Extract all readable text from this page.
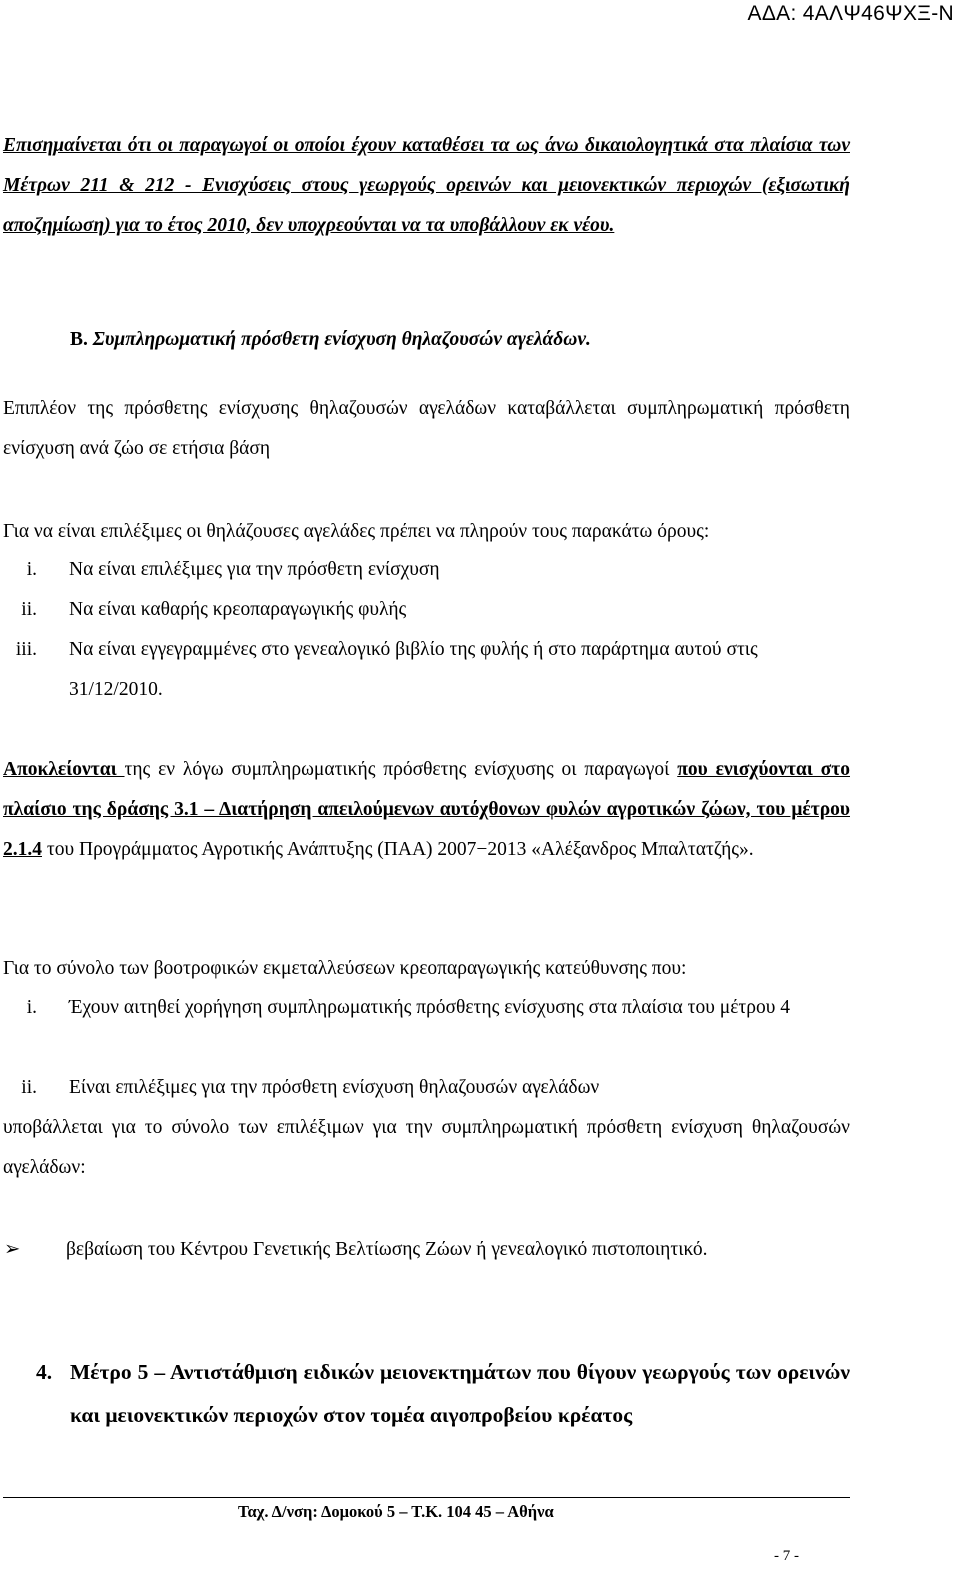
ΑΔΑ: 4ΑΛΨ46ΨΧΞ-Ν

Επισημαίνεται ότι οι παραγωγοί οι οποίοι έχουν καταθέσει τα ως άνω δικαιολογητικά στα πλαίσια των Μέτρων 211 & 212 - Ενισχύσεις στους γεωργούς ορεινών και μειονεκτικών περιοχών (εξισωτική αποζημίωση) για το έτος 2010, δεν υποχρεούνται να τα υποβάλλουν εκ νέου.

Β. Συμπληρωματική πρόσθετη ενίσχυση θηλαζουσών αγελάδων.

Επιπλέον της πρόσθετης ενίσχυσης θηλαζουσών αγελάδων καταβάλλεται συμπληρωματική πρόσθετη ενίσχυση ανά ζώο σε ετήσια βάση

Για να είναι επιλέξιμες οι θηλάζουσες αγελάδες πρέπει να πληρούν τους παρακάτω όρους:
i. Να είναι επιλέξιμες για την πρόσθετη ενίσχυση
ii. Να είναι καθαρής κρεοπαραγωγικής φυλής
iii. Να είναι εγγεγραμμένες στο γενεαλογικό βιβλίο της φυλής ή στο παράρτημα αυτού στις 31/12/2010.

Αποκλείονται της εν λόγω συμπληρωματικής πρόσθετης ενίσχυσης οι παραγωγοί που ενισχύονται στο πλαίσιο της δράσης 3.1 – Διατήρηση απειλούμενων αυτόχθονων φυλών αγροτικών ζώων, του μέτρου 2.1.4 του Προγράμματος Αγροτικής Ανάπτυξης (ΠΑΑ) 2007−2013 «Αλέξανδρος Μπαλτατζής».

Για το σύνολο των βοοτροφικών εκμεταλλεύσεων κρεοπαραγωγικής κατεύθυνσης που:
i. Έχουν αιτηθεί χορήγηση συμπληρωματικής πρόσθετης ενίσχυσης στα πλαίσια του μέτρου 4
ii. Είναι επιλέξιμες για την πρόσθετη ενίσχυση θηλαζουσών αγελάδων

υποβάλλεται για το σύνολο των επιλέξιμων για την συμπληρωματική πρόσθετη ενίσχυση θηλαζουσών αγελάδων:

➢ βεβαίωση του Κέντρου Γενετικής Βελτίωσης Ζώων ή γενεαλογικό πιστοποιητικό.
4. Μέτρο 5 – Αντιστάθμιση ειδικών μειονεκτημάτων που θίγουν γεωργούς των ορεινών και μειονεκτικών περιοχών στον τομέα αιγοπροβείου κρέατος
Ταχ. Δ/νση: Δομοκού 5 – Τ.Κ. 104 45 – Αθήνα
- 7 -
